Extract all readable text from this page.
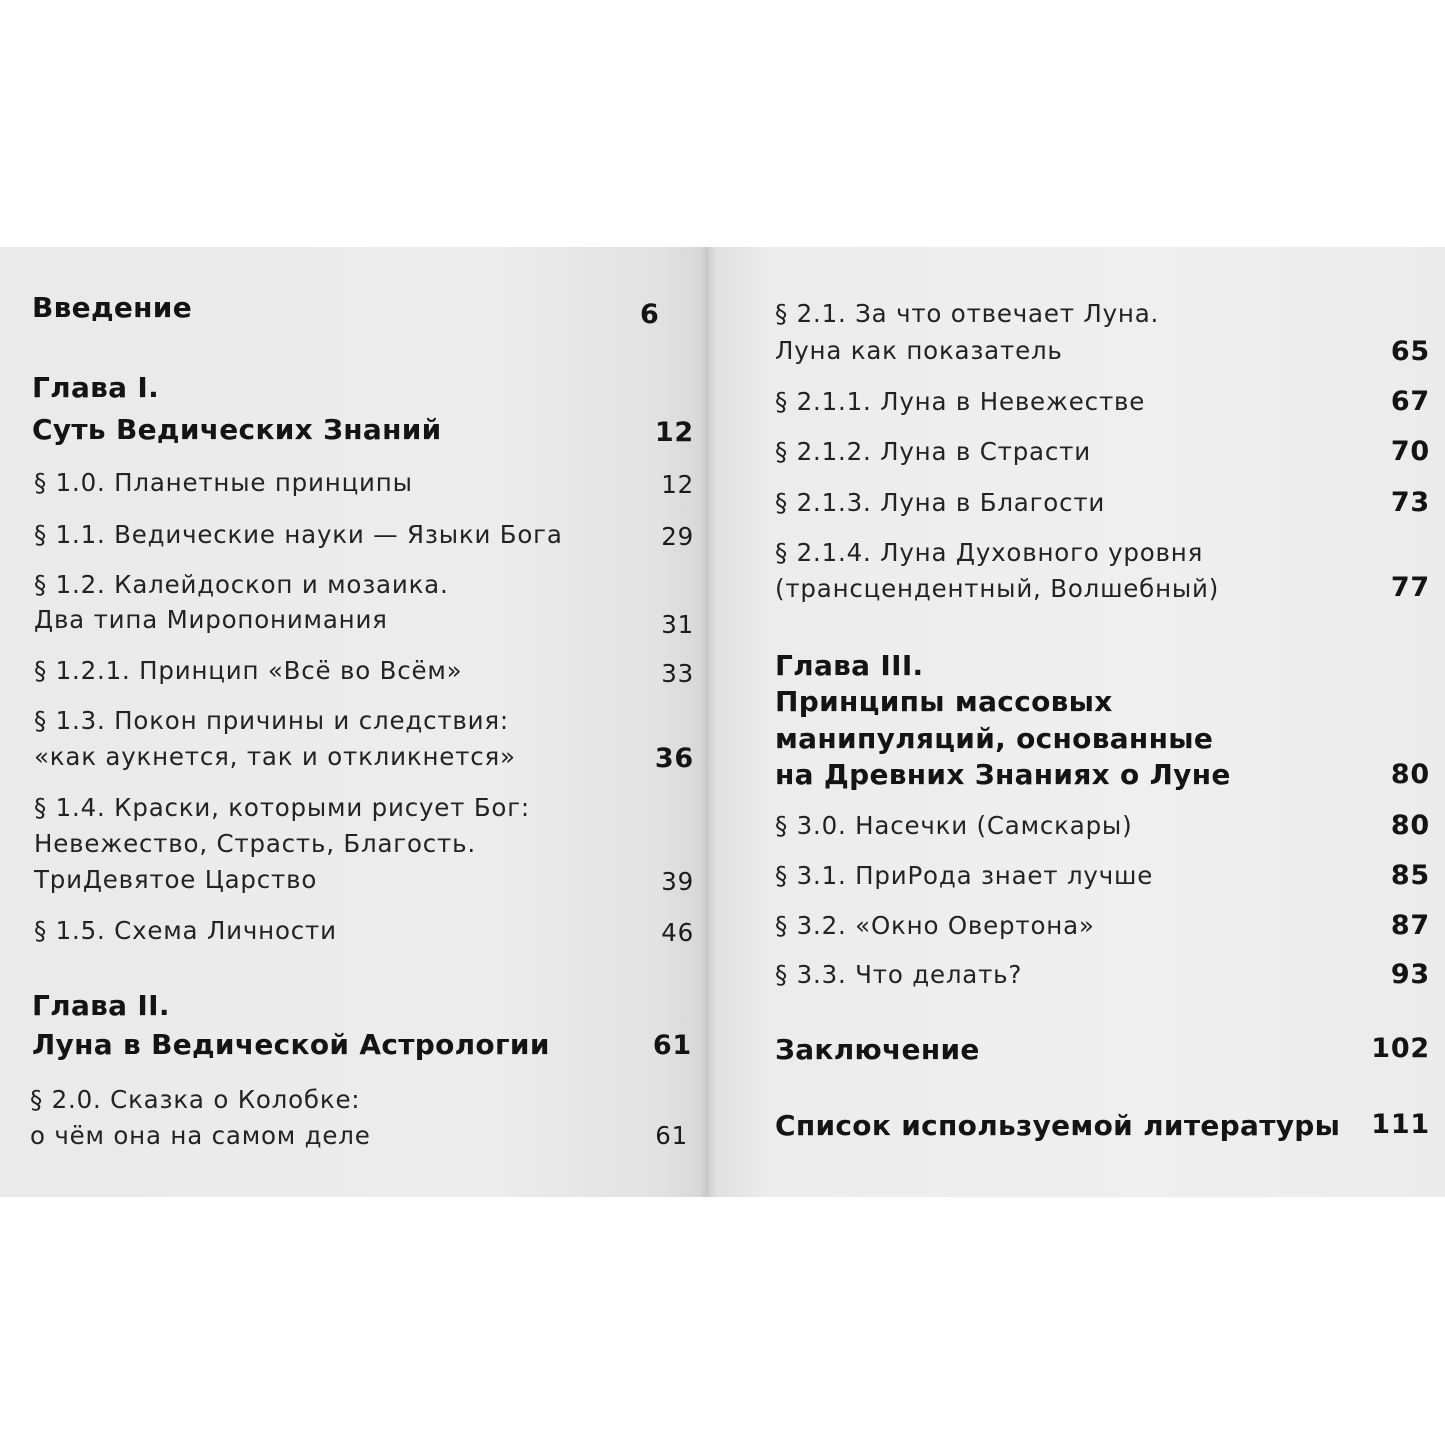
Введение	6
Глава I.
Суть Ведических Знаний	12
§ 1.0. Планетные принципы	12
§ 1.1. Ведические науки — Языки Бога	29
§ 1.2. Калейдоскоп и мозаика.
Два типа Миропонимания	31
§ 1.2.1. Принцип «Всё во Всём»	33
§ 1.3. Покон причины и следствия:
«как аукнется, так и откликнется»	36
§ 1.4. Краски, которыми рисует Бог:
Невежество, Страсть, Благость.
ТриДевятое Царство	39
§ 1.5. Схема Личности	46
Глава II.
Луна в Ведической Астрологии	61
§ 2.0. Сказка о Колобке:
о чём она на самом деле	61
§ 2.1. За что отвечает Луна.
Луна как показатель	65
§ 2.1.1. Луна в Невежестве	67
§ 2.1.2. Луна в Страсти	70
§ 2.1.3. Луна в Благости	73
§ 2.1.4. Луна Духовного уровня
(трансцендентный, Волшебный)	77
Глава III.
Принципы массовых
манипуляций, основанные
на Древних Знаниях о Луне	80
§ 3.0. Насечки (Самскары)	80
§ 3.1. ПриРода знает лучше	85
§ 3.2. «Окно Овертона»	87
§ 3.3. Что делать?	93
Заключение	102
Список используемой литературы	111
